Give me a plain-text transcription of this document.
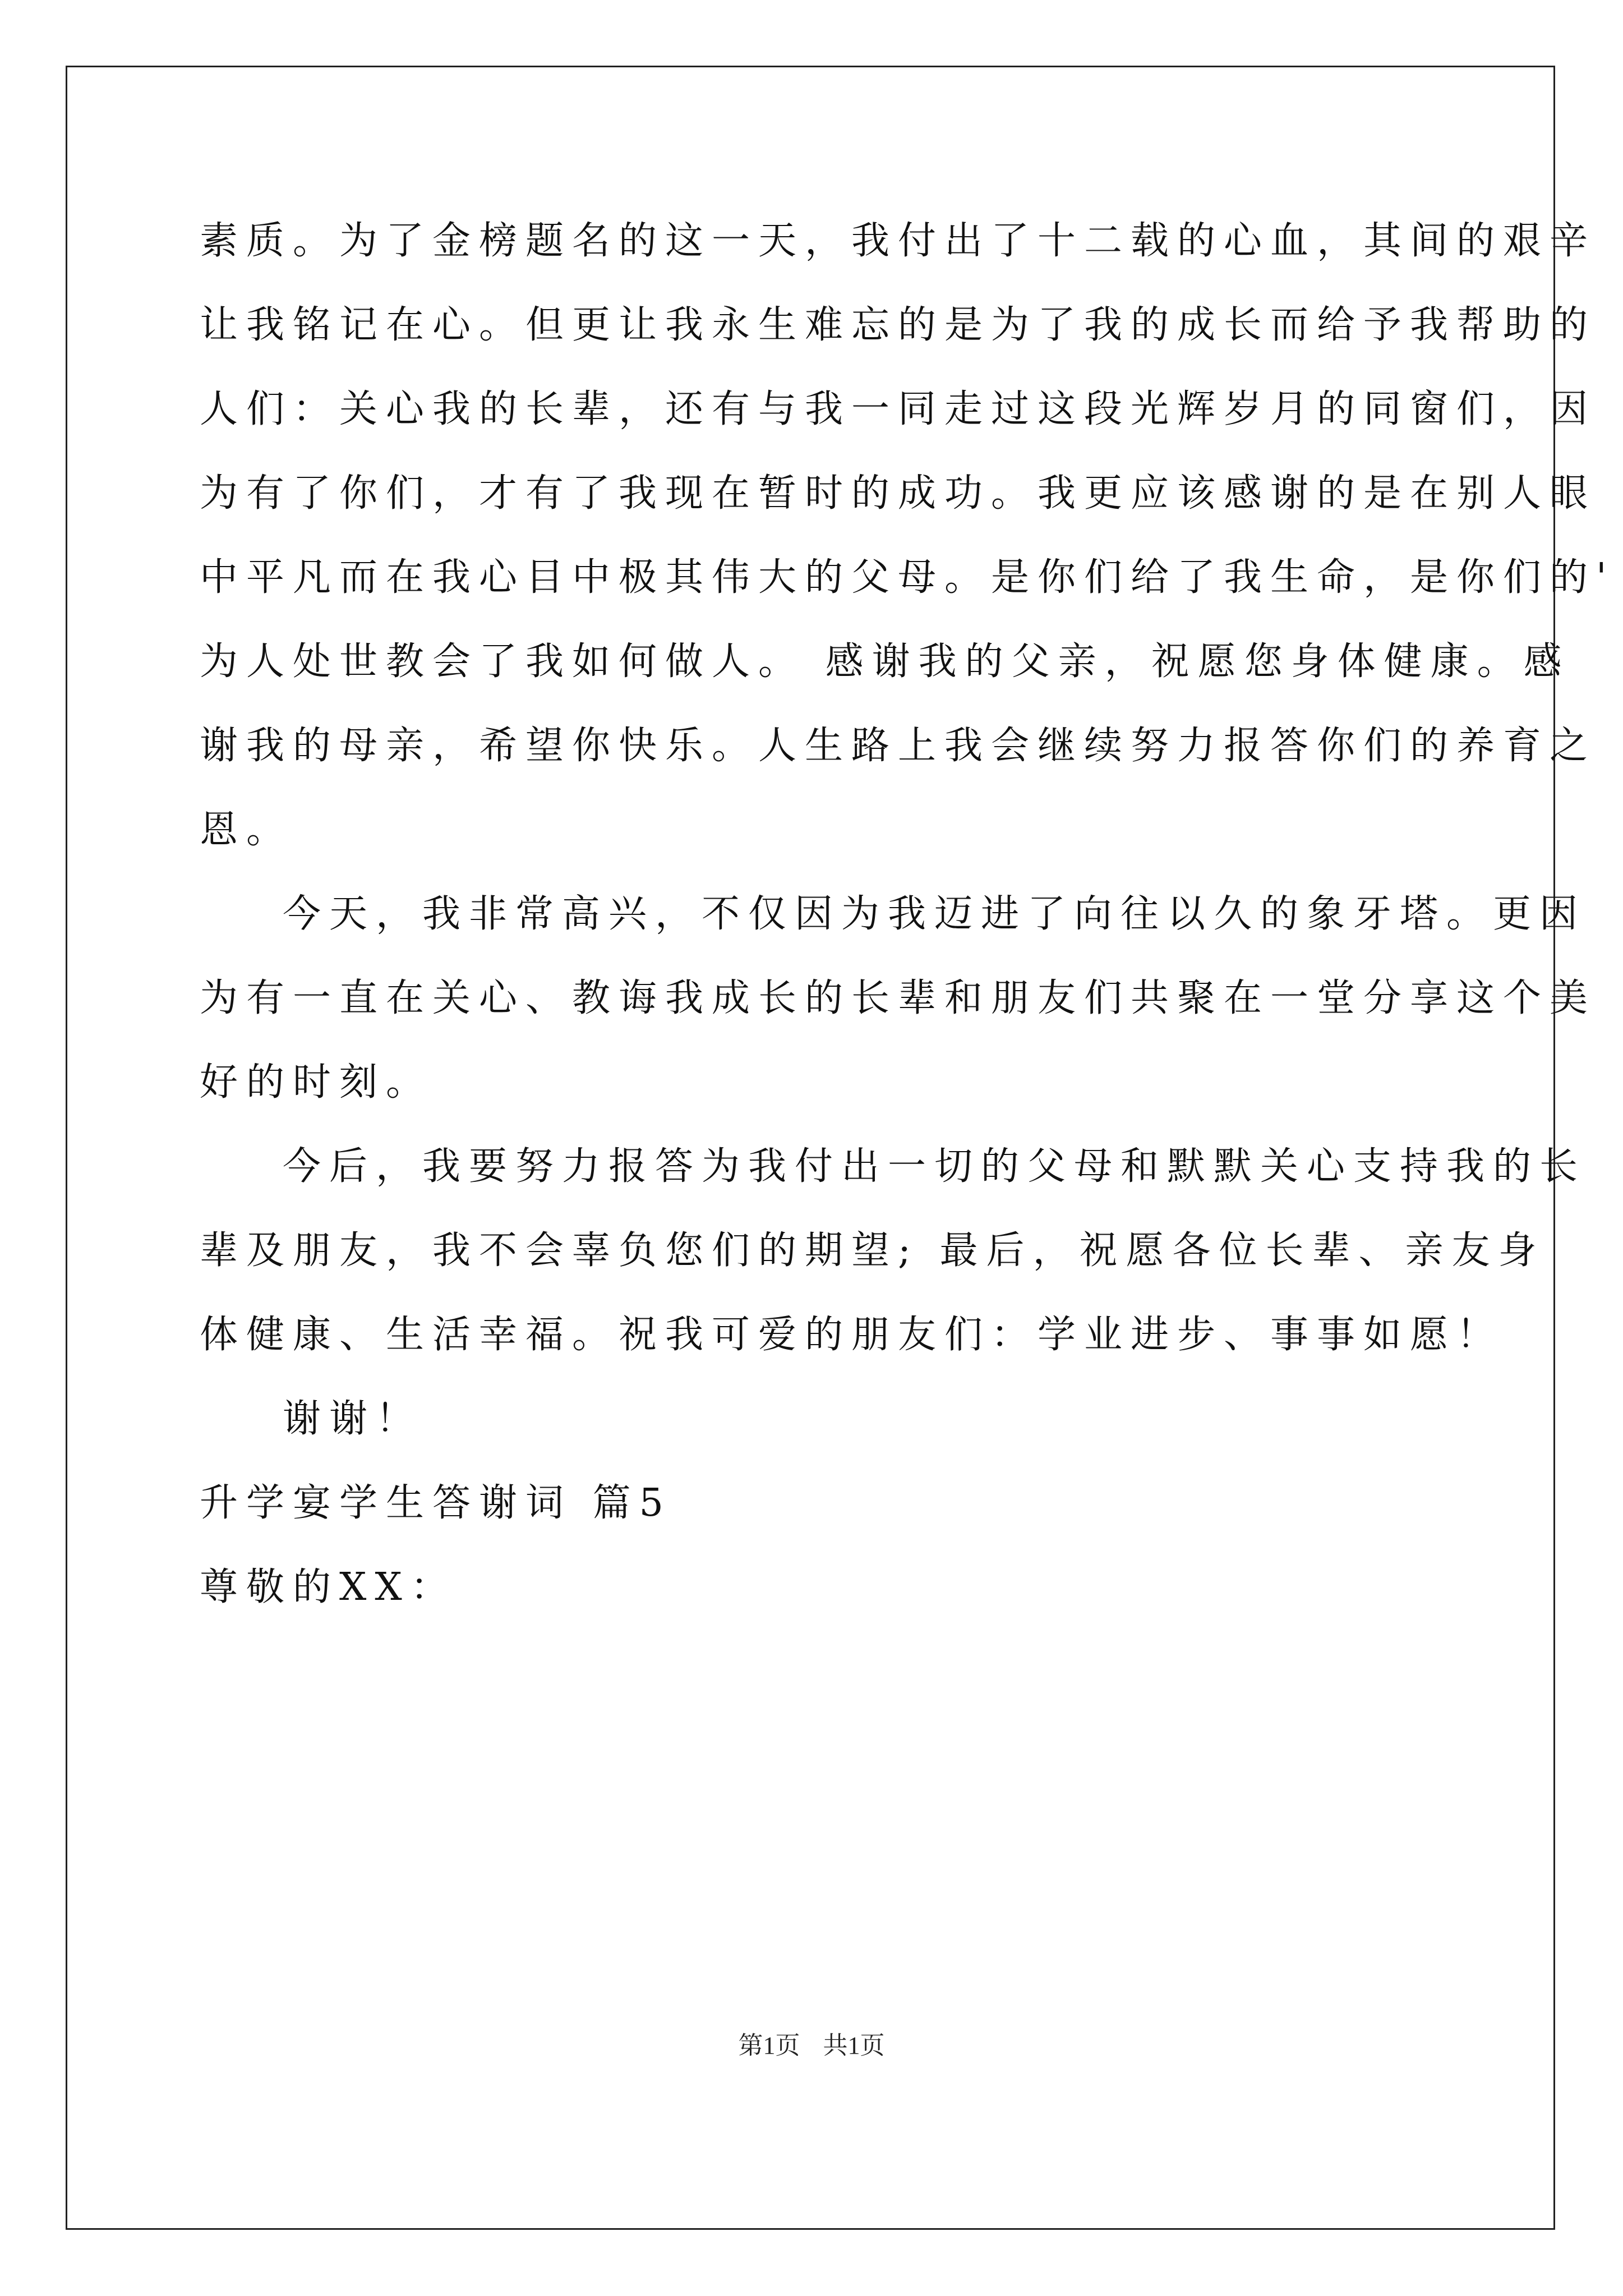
素质。为了金榜题名的这一天，我付出了十二载的心血，其间的艰辛
让我铭记在心。但更让我永生难忘的是为了我的成长而给予我帮助的
人们：关心我的长辈，还有与我一同走过这段光辉岁月的同窗们，因
为有了你们，才有了我现在暂时的成功。我更应该感谢的是在别人眼
中平凡而在我心目中极其伟大的父母。是你们给了我生命，是你们的'
为人处世教会了我如何做人。 感谢我的父亲，祝愿您身体健康。感
谢我的母亲，希望你快乐。人生路上我会继续努力报答你们的养育之
恩。
今天，我非常高兴，不仅因为我迈进了向往以久的象牙塔。更因
为有一直在关心、教诲我成长的长辈和朋友们共聚在一堂分享这个美
好的时刻。
今后，我要努力报答为我付出一切的父母和默默关心支持我的长
辈及朋友，我不会辜负您们的期望; 最后，祝愿各位长辈、亲友身
体健康、生活幸福。祝我可爱的朋友们：学业进步、事事如愿！
谢谢！
升学宴学生答谢词 篇5
尊敬的XX：
第1页 共1页
